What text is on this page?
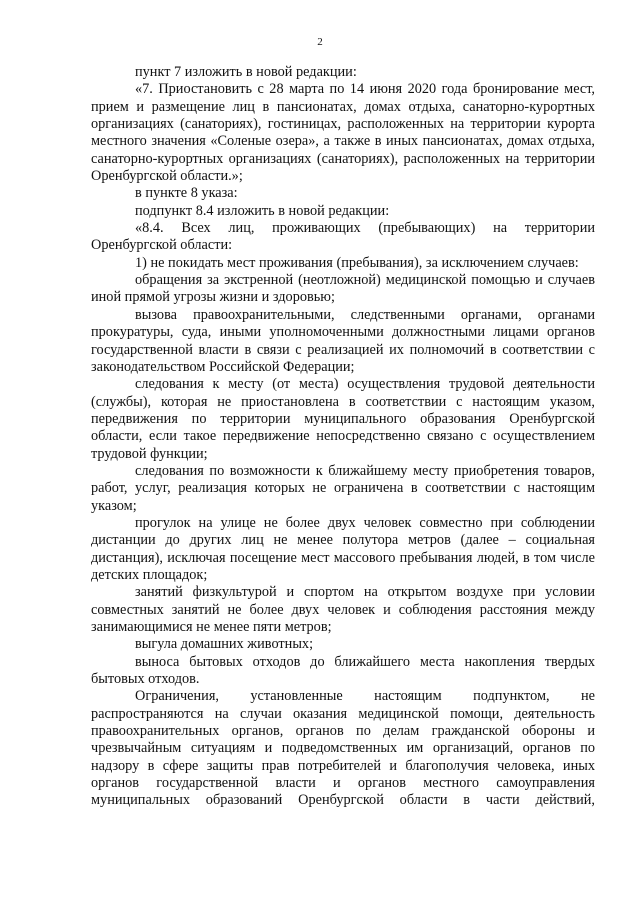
2

пункт 7 изложить в новой редакции:

«7. Приостановить с 28 марта по 14 июня 2020 года бронирование мест, прием и размещение лиц в пансионатах, домах отдыха, санаторно-курортных организациях (санаториях), гостиницах, расположенных на территории курорта местного значения «Соленые озера», а также в иных пансионатах, домах отдыха, санаторно-курортных организациях (санаториях), расположенных на территории Оренбургской области.»;

в пункте 8 указа:

подпункт 8.4 изложить в новой редакции:

«8.4. Всех лиц, проживающих (пребывающих) на территории Оренбургской области:

1) не покидать мест проживания (пребывания), за исключением случаев:

обращения за экстренной (неотложной) медицинской помощью и случаев иной прямой угрозы жизни и здоровью;

вызова правоохранительными, следственными органами, органами прокуратуры, суда, иными уполномоченными должностными лицами органов государственной власти в связи с реализацией их полномочий в соответствии с законодательством Российской Федерации;

следования к месту (от места) осуществления трудовой деятельности (службы), которая не приостановлена в соответствии с настоящим указом, передвижения по территории муниципального образования Оренбургской области, если такое передвижение непосредственно связано с осуществлением трудовой функции;

следования по возможности к ближайшему месту приобретения товаров, работ, услуг, реализация которых не ограничена в соответствии с настоящим указом;

прогулок на улице не более двух человек совместно при соблюдении дистанции до других лиц не менее полутора метров (далее – социальная дистанция), исключая посещение мест массового пребывания людей, в том числе детских площадок;

занятий физкультурой и спортом на открытом воздухе при условии совместных занятий не более двух человек и соблюдения расстояния между занимающимися не менее пяти метров;

выгула домашних животных;

выноса бытовых отходов до ближайшего места накопления твердых бытовых отходов.

Ограничения, установленные настоящим подпунктом, не распространяются на случаи оказания медицинской помощи, деятельность правоохранительных органов, органов по делам гражданской обороны и чрезвычайным ситуациям и подведомственных им организаций, органов по надзору в сфере защиты прав потребителей и благополучия человека, иных органов государственной власти и органов местного самоуправления муниципальных образований Оренбургской области в части действий,
